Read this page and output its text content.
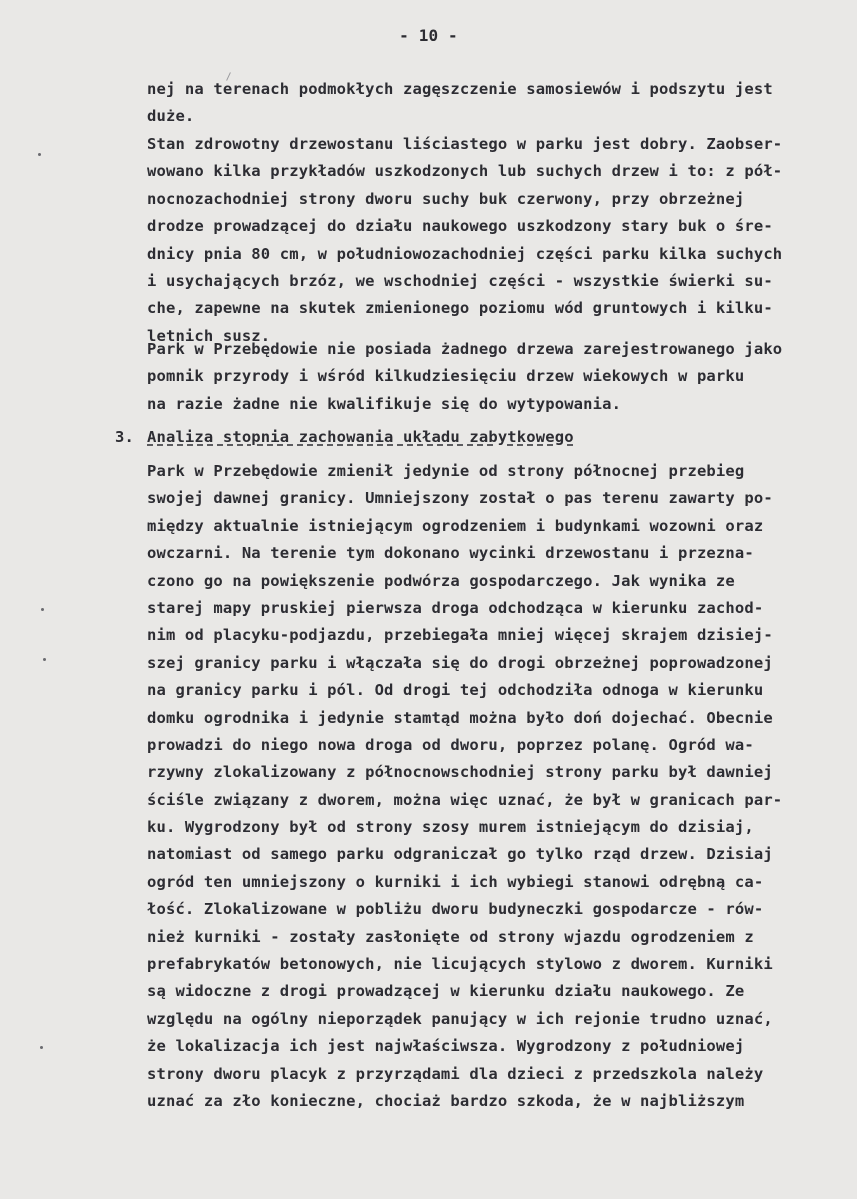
- 10 -
nej na terenach podmokłych zagęszczenie samosiewów i podszytu jest
duże.
Stan zdrowotny drzewostanu liściastego w parku jest dobry. Zaobser-
wowano kilka przykładów uszkodzonych lub suchych drzew i to: z pół-
nocnozachodniej strony dworu suchy buk czerwony, przy obrzeżnej
drodze prowadzącej do działu naukowego uszkodzony stary buk o śre-
dnicy pnia 80 cm, w południowozachodniej części parku kilka suchych
i usychających brzóz, we wschodniej części - wszystkie świerki su-
che, zapewne na skutek zmienionego poziomu wód gruntowych i kilku-
letnich susz.
Park w Przebędowie nie posiada żadnego drzewa zarejestrowanego jako
pomnik przyrody i wśród kilkudziesięciu drzew wiekowych w parku
na razie żadne nie kwalifikuje się do wytypowania.
3. Analiza stopnia zachowania układu zabytkowego
Park w Przebędowie zmienił jedynie od strony północnej przebieg
swojej dawnej granicy. Umniejszony został o pas terenu zawarty po-
między aktualnie istniejącym ogrodzeniem i budynkami wozowni oraz
owczarni. Na terenie tym dokonano wycinki drzewostanu i przezna-
czono go na powiększenie podwórza gospodarczego. Jak wynika ze
starej mapy pruskiej pierwsza droga odchodząca w kierunku zachod-
nim od placyku-podjazdu, przebiegała mniej więcej skrajem dzisiej-
szej granicy parku i włączała się do drogi obrzeżnej poprowadzonej
na granicy parku i pól. Od drogi tej odchodziła odnoga w kierunku
domku ogrodnika i jedynie stamtąd można było doń dojechać. Obecnie
prowadzi do niego nowa droga od dworu, poprzez polanę. Ogród wa-
rzywny zlokalizowany z północnowschodniej strony parku był dawniej
ściśle związany z dworem, można więc uznać, że był w granicach par-
ku. Wygrodzony był od strony szosy murem istniejącym do dzisiaj,
natomiast od samego parku odgraniczał go tylko rząd drzew. Dzisiaj
ogród ten umniejszony o kurniki i ich wybiegi stanowi odrębną ca-
łość. Zlokalizowane w pobliżu dworu budyneczki gospodarcze - rów-
nież kurniki - zostały zasłonięte od strony wjazdu ogrodzeniem z
prefabrykatów betonowych, nie licujących stylowo z dworem. Kurniki
są widoczne z drogi prowadzącej w kierunku działu naukowego. Ze
względu na ogólny nieporządek panujący w ich rejonie trudno uznać,
że lokalizacja ich jest najwłaściwsza. Wygrodzony z południowej
strony dworu placyk z przyrządami dla dzieci z przedszkola należy
uznać za zło konieczne, chociaż bardzo szkoda, że w najbliższym
